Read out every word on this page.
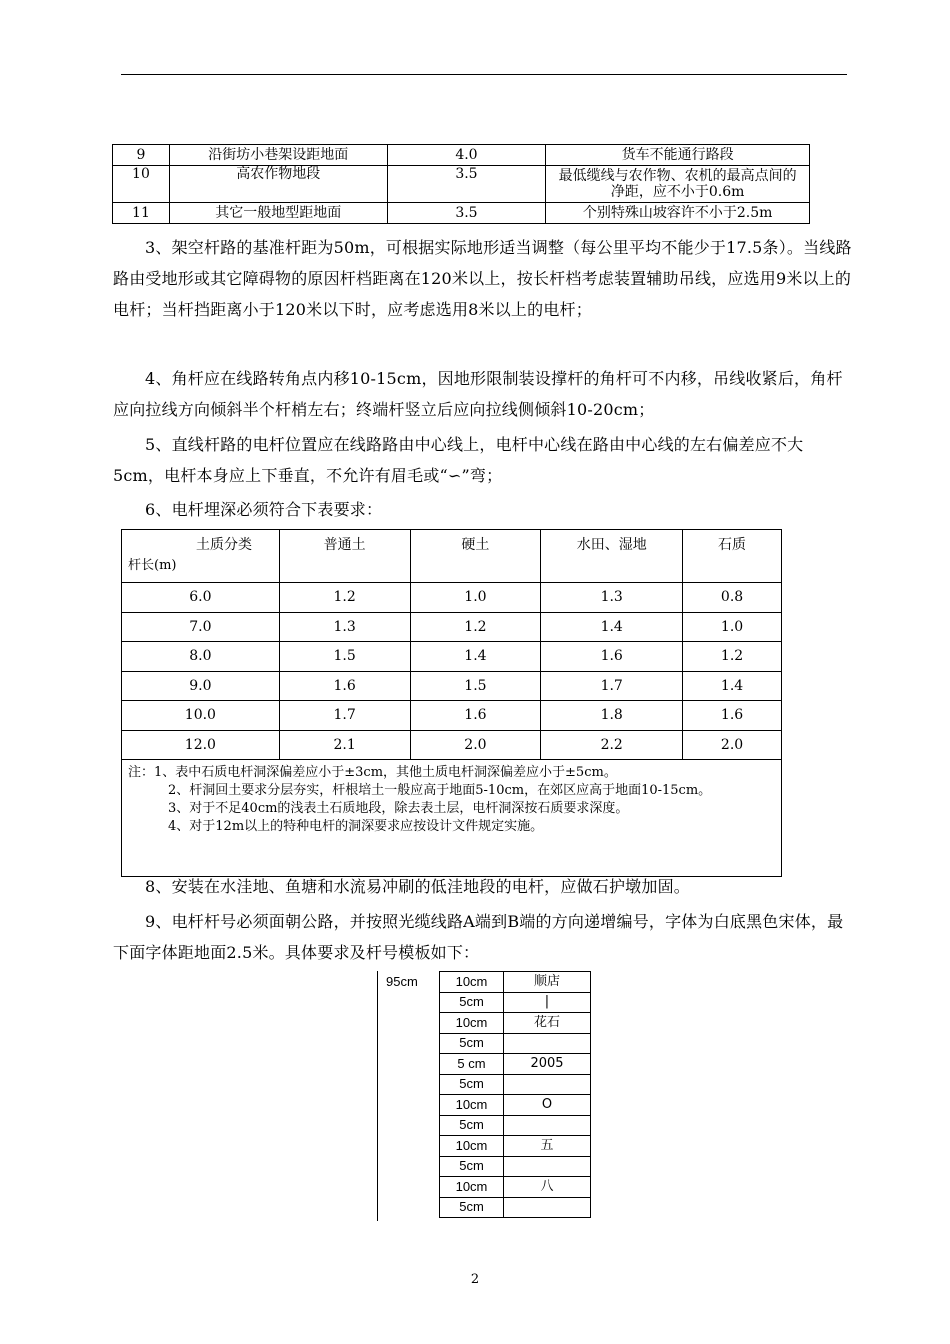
9	沿街坊小巷架设距地面	4.0	货车不能通行路段
10	高农作物地段	3.5	最低缆线与农作物、农机的最高点间的净距，应不小于0.6m
11	其它一般地型距地面	3.5	个别特殊山坡容许不小于2.5m

3、架空杆路的基准杆距为50m，可根据实际地形适当调整（每公里平均不能少于17.5条）。当线路路由受地形或其它障碍物的原因杆档距离在120米以上，按长杆档考虑装置辅助吊线，应选用9米以上的电杆；当杆挡距离小于120米以下时，应考虑选用8米以上的电杆；

4、角杆应在线路转角点内移10-15cm，因地形限制装设撑杆的角杆可不内移，吊线收紧后，角杆应向拉线方向倾斜半个杆梢左右；终端杆竖立后应向拉线侧倾斜10-20cm；

5、直线杆路的电杆位置应在线路路由中心线上，电杆中心线在路由中心线的左右偏差应不大5cm，电杆本身应上下垂直，不允许有眉毛或“∽”弯；

6、电杆埋深必须符合下表要求：

土质分类
杆长(m)	普通土	硬土	水田、湿地	石质
6.0	1.2	1.0	1.3	0.8
7.0	1.3	1.2	1.4	1.0
8.0	1.5	1.4	1.6	1.2
9.0	1.6	1.5	1.7	1.4
10.0	1.7	1.6	1.8	1.6
12.0	2.1	2.0	2.2	2.0

注：1、表中石质电杆洞深偏差应小于±3cm，其他土质电杆洞深偏差应小于±5cm。
2、杆洞回土要求分层夯实，杆根培土一般应高于地面5-10cm，在郊区应高于地面10-15cm。
3、对于不足40cm的浅表土石质地段，除去表土层，电杆洞深按石质要求深度。
4、对于12m以上的特种电杆的洞深要求应按设计文件规定实施。				

8、安装在水洼地、鱼塘和水流易冲刷的低洼地段的电杆，应做石护墩加固。

9、电杆杆号必须面朝公路，并按照光缆线路A端到B端的方向递增编号，字体为白底黑色宋体，最下面字体距地面2.5米。具体要求及杆号模板如下：

95cm	10cm	顺店
5cm	|
10cm	花石
5cm	
5 cm	2005
5cm	
10cm	O
5cm	
10cm	五
5cm	
10cm	八
5cm	
2
